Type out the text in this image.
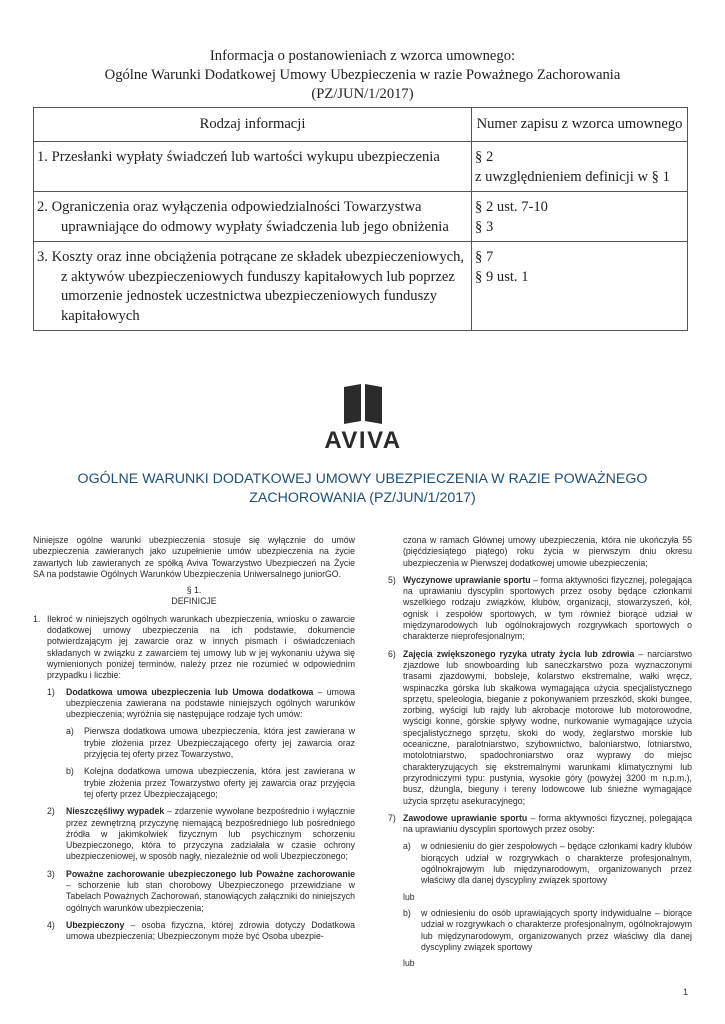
Informacja o postanowieniach z wzorca umownego:
Ogólne Warunki Dodatkowej Umowy Ubezpieczenia w razie Poważnego Zachorowania
(PZ/JUN/1/2017)
Rodzaj informacji	Numer zapisu z wzorca umownego

1. Przesłanki wypłaty świadczeń lub wartości wykupu ubezpieczenia	§ 2
z uwzględnieniem definicji w § 1

2. Ograniczenia oraz wyłączenia odpowiedzialności Towarzystwa
uprawniające do odmowy wypłaty świadczenia lub jego obniżenia	§ 2 ust. 7-10
§ 3

3. Koszty oraz inne obciążenia potrącane ze składek ubezpieczeniowych,
z aktywów ubezpieczeniowych funduszy kapitałowych lub poprzez
umorzenie jednostek uczestnictwa ubezpieczeniowych funduszy
kapitałowych	§ 7
§ 9 ust. 1
AVIVA
OGÓLNE WARUNKI DODATKOWEJ UMOWY UBEZPIECZENIA W RAZIE POWAŻNEGO
ZACHOROWANIA (PZ/JUN/1/2017)
Niniejsze ogólne warunki ubezpieczenia stosuje się wyłącznie do umów ubezpieczenia zawieranych jako uzupełnienie umów ubezpieczenia na życie zawartych lub zawieranych ze spółką Aviva Towarzystwo Ubezpieczeń na Życie SA na podstawie Ogólnych Warunków Ubezpieczenia Uniwersalnego juniorGO.
§ 1.
DEFINICJE
1. Ilekroć w niniejszych ogólnych warunkach ubezpieczenia, wniosku o zawarcie dodatkowej umowy ubezpieczenia na ich podstawie, dokumencie potwierdzającym jej zawarcie oraz w innych pismach i oświadczeniach składanych w związku z zawarciem tej umowy lub w jej wykonaniu używa się wymienionych poniżej terminów, należy przez nie rozumieć w odpowiednim przypadku i liczbie:
1) Dodatkowa umowa ubezpieczenia lub Umowa dodatkowa – umowa ubezpieczenia zawierana na podstawie niniejszych ogólnych warunków ubezpieczenia; wyróżnia się następujące rodzaje tych umów:
a) Pierwsza dodatkowa umowa ubezpieczenia, która jest zawierana w trybie złożenia przez Ubezpieczającego oferty jej zawarcia oraz przyjęcia tej oferty przez Towarzystwo,
b) Kolejna dodatkowa umowa ubezpieczenia, która jest zawierana w trybie złożenia przez Towarzystwo oferty jej zawarcia oraz przyjęcia tej oferty przez Ubezpieczającego;
2) Nieszczęśliwy wypadek – zdarzenie wywołane bezpośrednio i wyłącznie przez zewnętrzną przyczynę niemającą bezpośredniego lub pośredniego źródła w jakimkolwiek fizycznym lub psychicznym schorzeniu Ubezpieczonego, która to przyczyna zadziałała w czasie ochrony ubezpieczeniowej, w sposób nagły, niezależnie od woli Ubezpieczonego;
3) Poważne zachorowanie ubezpieczonego lub Poważne zachorowanie – schorzenie lub stan chorobowy Ubezpieczonego przewidziane w Tabelach Poważnych Zachorowań, stanowiących załączniki do niniejszych ogólnych warunków ubezpieczenia;
4) Ubezpieczony – osoba fizyczna, której zdrowia dotyczy Dodatkowa umowa ubezpieczenia; Ubezpieczonym może być Osoba ubezpie-
czona w ramach Głównej umowy ubezpieczenia, która nie ukończyła 55 (pięćdziesiątego piątego) roku życia w pierwszym dniu okresu ubezpieczenia w Pierwszej dodatkowej umowie ubezpieczenia;
5) Wyczynowe uprawianie sportu – forma aktywności fizycznej, polegająca na uprawianiu dyscyplin sportowych przez osoby będące członkami wszelkiego rodzaju związków, klubów, organizacji, stowarzyszeń, kół, ognisk i zespołów sportowych, w tym również biorące udział w międzynarodowych lub ogólnokrajowych rozgrywkach sportowych o charakterze nieprofesjonalnym;
6) Zajęcia zwiększonego ryzyka utraty życia lub zdrowia – narciarstwo zjazdowe lub snowboarding lub saneczkarstwo poza wyznaczonymi trasami zjazdowymi, bobsleje, kolarstwo ekstremalne, wałki wręcz, wspinaczka górska lub skałkowa wymagająca użycia specjalistycznego sprzętu, speleologia, bieganie z pokonywaniem przeszkód, skoki bungee, zorbing, wyścigi lub rajdy lub akrobacje motorowe lub motorowodne, wyścigi konne, górskie spływy wodne, nurkowanie wymagające użycia specjalistycznego sprzętu, skoki do wody, żeglarstwo morskie lub oceaniczne, paralotniarstwo, szybownictwo, baloniarstwo, lotniarstwo, motolotniarstwo, spadochroniarstwo oraz wyprawy do miejsc charakteryzujących się ekstremalnymi warunkami klimatycznymi lub przyrodniczymi typu: pustynia, wysokie góry (powyżej 3200 m n.p.m.), busz, dżungla, bieguny i tereny lodowcowe lub śnieżne wymagające użycia sprzętu asekuracyjnego;
7) Zawodowe uprawianie sportu – forma aktywności fizycznej, polegająca na uprawianiu dyscyplin sportowych przez osoby:
a) w odniesieniu do gier zespołowych – będące członkami kadry klubów biorących udział w rozgrywkach o charakterze profesjonalnym, ogólnokrajowym lub międzynarodowym, organizowanych przez właściwy dla danej dyscypliny związek sportowy
lub
b) w odniesieniu do osób uprawiających sporty indywidualne – biorące udział w rozgrywkach o charakterze profesjonalnym, ogólnokrajowym lub międzynarodowym, organizowanych przez właściwy dla danej dyscypliny związek sportowy
lub
1
